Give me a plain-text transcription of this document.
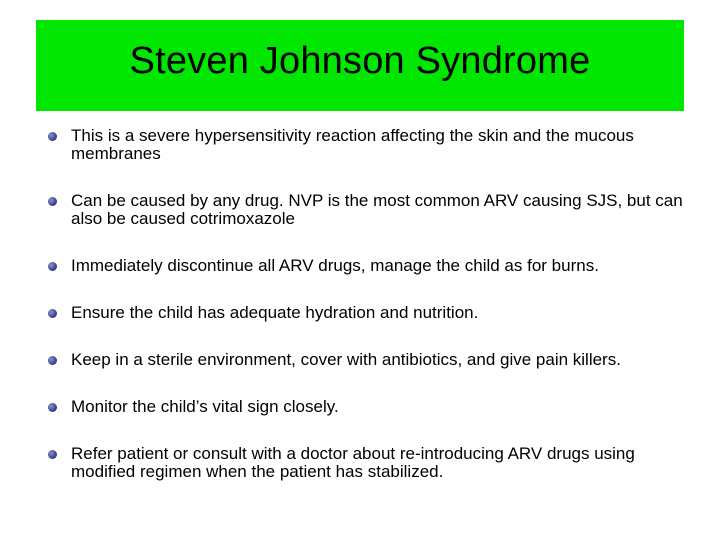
Steven Johnson Syndrome
This is a severe hypersensitivity reaction affecting the skin and the mucous membranes
Can be caused by any drug. NVP is the most common ARV causing SJS, but can also be caused cotrimoxazole
Immediately discontinue all ARV drugs, manage the child as for burns.
Ensure the child has adequate hydration and nutrition.
Keep in a sterile environment, cover with antibiotics, and give pain killers.
Monitor the child’s vital sign closely.
Refer patient or consult with a doctor about re-introducing ARV drugs using modified regimen when the patient has stabilized.
